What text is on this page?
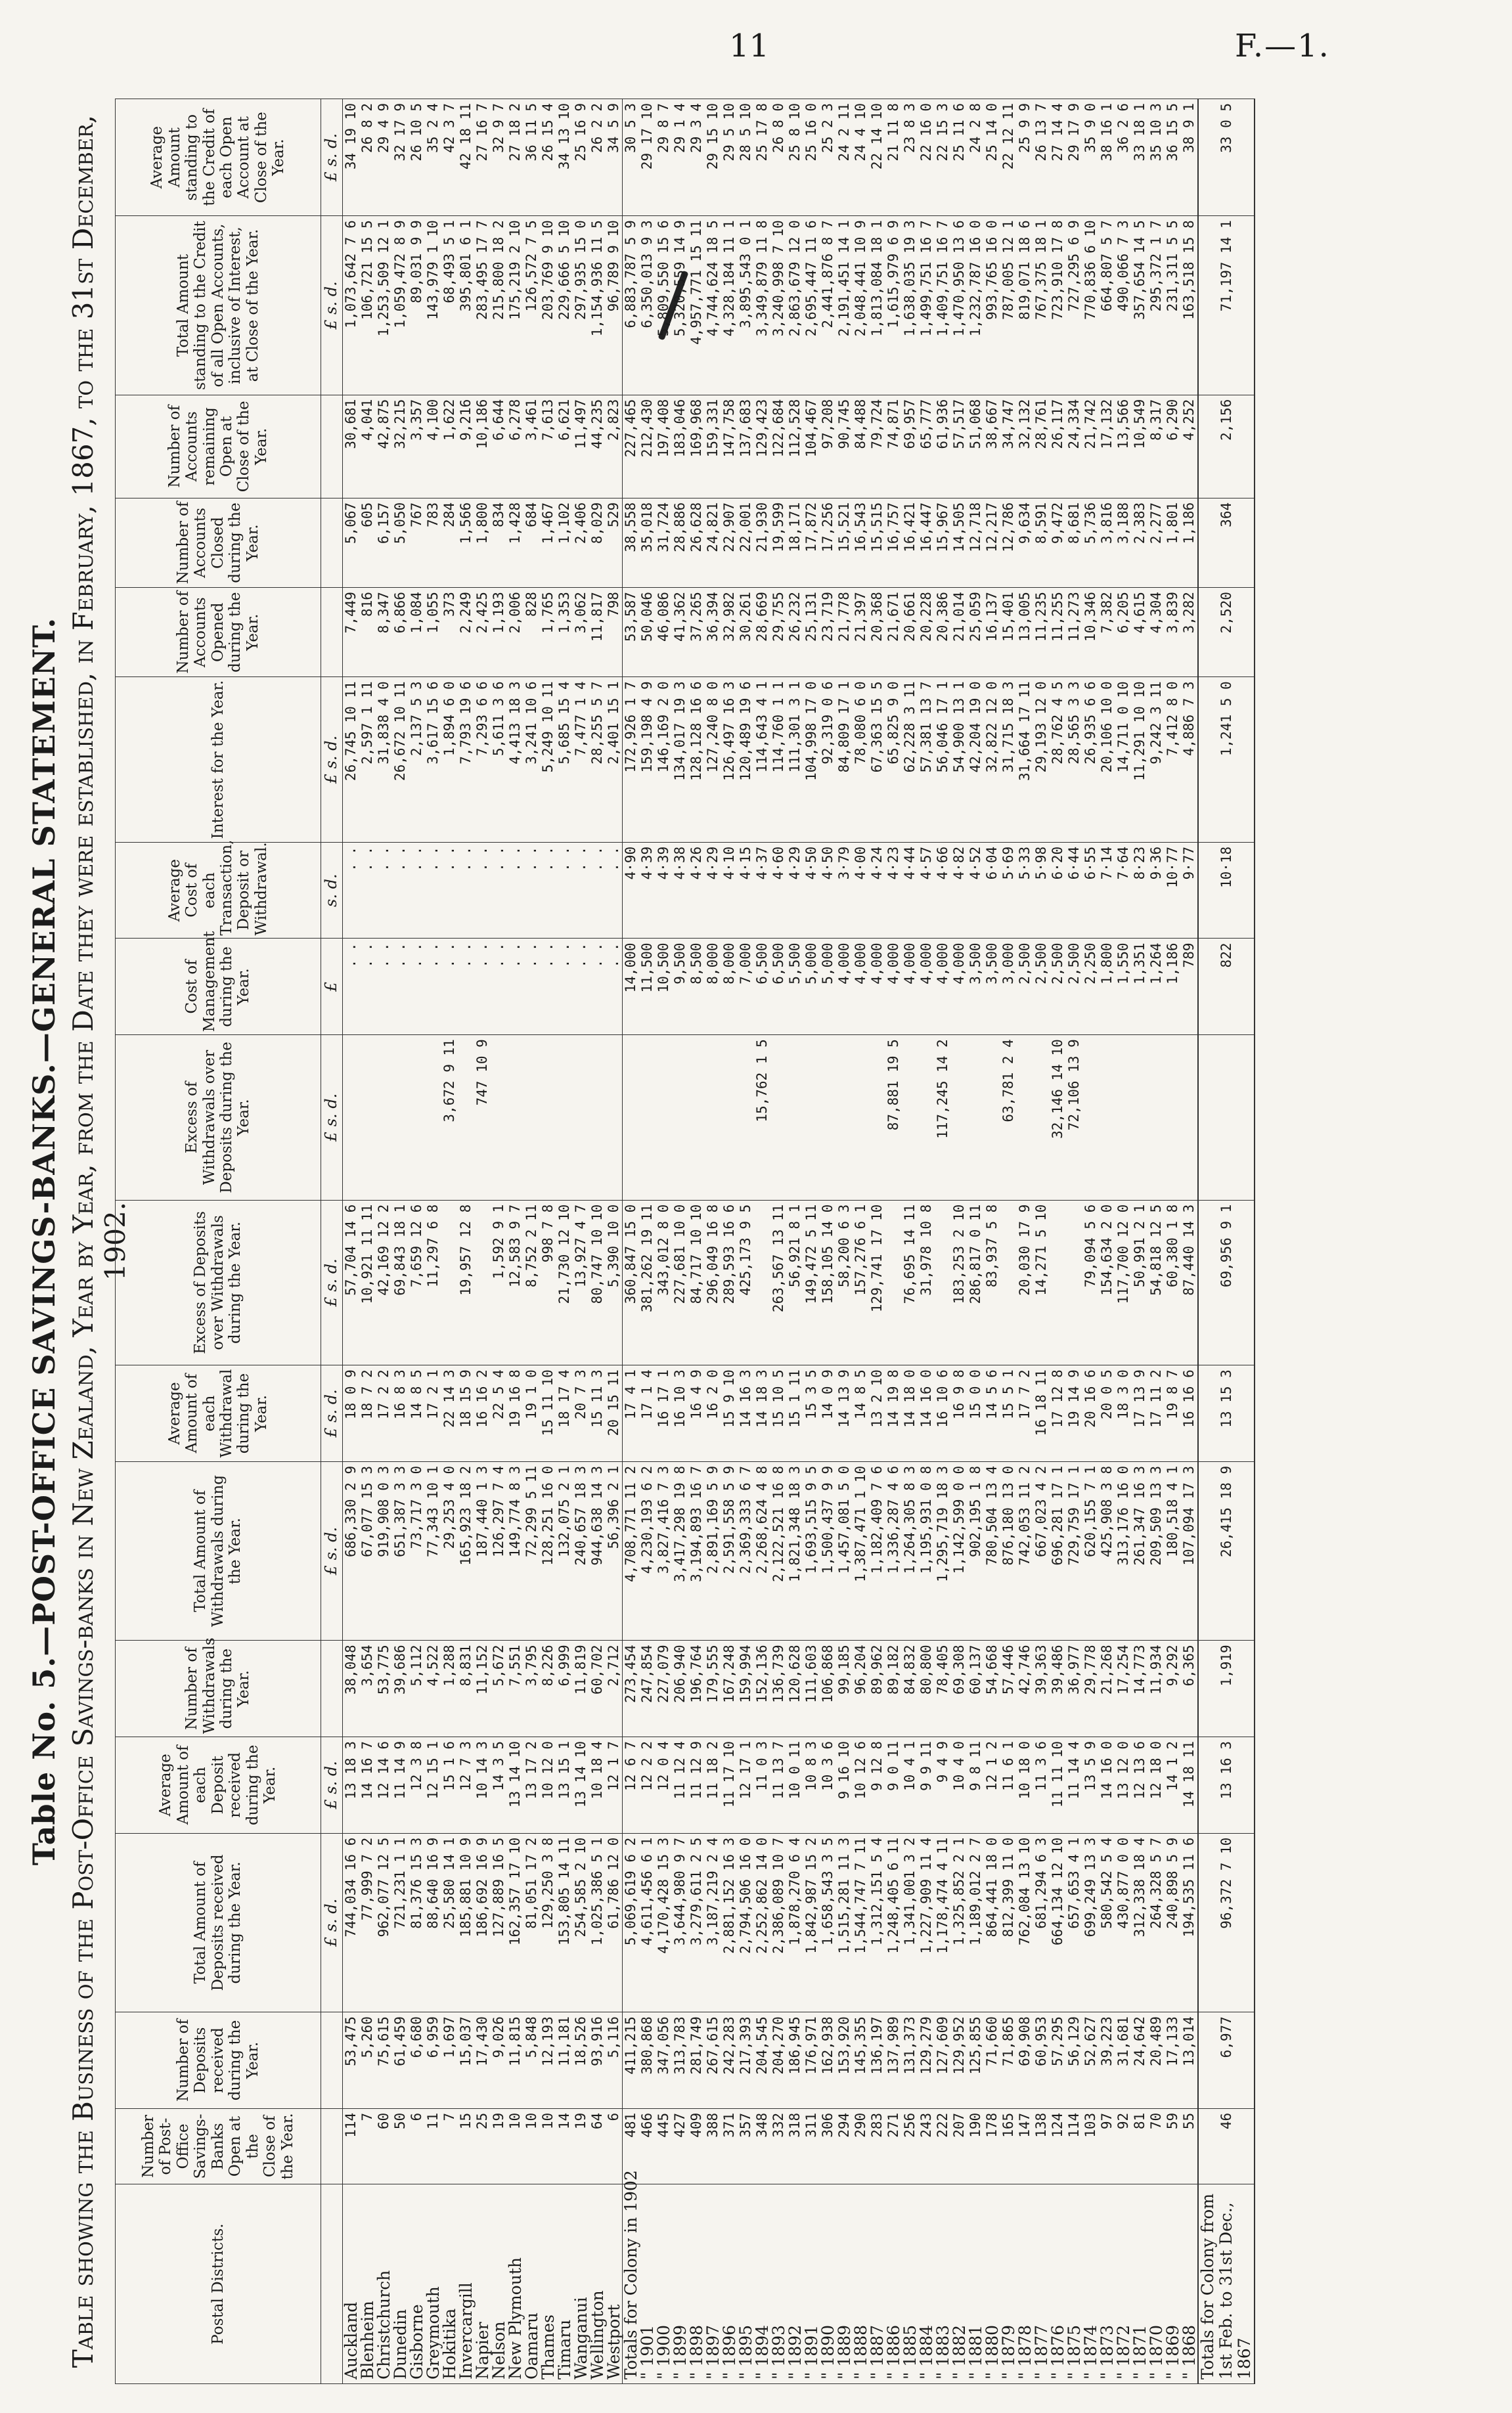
11	F.—1.
Table No. 5.—POST-OFFICE SAVINGS-BANKS.—GENERAL STATEMENT. Table showing the Business of the Post-Office Savings-banks in New Zealand, Year by Year, from the Date they were established, in February, 1867, to the 31st December, 1902.
Postal Districts.	Number of Post-Office Savings-Banks Open at the Close of the Year.	Number of Deposits received during the Year.	Total Amount of Deposits received during the Year.	Average Amount of each Deposit received during the Year.	Number of Withdrawals during the Year.	Total Amount of Withdrawals during the Year.	Average Amount of each Withdrawal during the Year.	Excess of Deposits over Withdrawals during the Year.	Excess of Withdrawals over Deposits during the Year.	Cost of Management during the Year.	Average Cost of each Transaction, Deposit or Withdrawal.	Interest for the Year.	Number of Accounts Opened during the Year.	Number of Accounts Closed during the Year.	Number of Accounts remaining Open at Close of the Year.	Total Amount standing to the Credit of all Open Accounts, inclusive of Interest, at Close of the Year.	Average Amount standing to the Credit of each Open Account at Close of the Year.
			£ s. d.	£ s. d.		£ s. d.	£ s. d.	£ s. d.	£ s. d.	£	s. d.	£ s. d.				£ s. d.	£ s. d.
Auckland	114	53,475	744,034 16 6	13 18 3	38,048	686,330 2 9	18 0 9	57,704 14 6		. .	. .	26,745 10 11	7,449	5,067	30,681	1,073,642 7 6	34 19 10
Blenheim	7	5,260	77,999 7 2	14 16 7	3,654	67,077 15 3	18 7 2	10,921 11 11		. .	. .	2,597 1 11	816	605	4,041	106,721 15 5	26 8 2
Christchurch	60	75,615	962,077 12 5	12 14 6	53,775	919,908 0 3	17 2 2	42,169 12 2		. .	. .	31,838 4 0	8,347	6,157	42,875	1,253,509 12 1	29 4 9
Dunedin	50	61,459	721,231 1 1	11 14 9	39,686	651,387 3 3	16 8 3	69,843 18 1		. .	. .	26,672 10 11	6,866	5,050	32,215	1,059,472 8 9	32 17 9
Gisborne	6	6,680	81,376 15 3	12 3 8	5,112	73,717 3 0	14 8 5	7,659 12 6		. .	. .	2,137 5 3	1,084	767	3,357	89,031 9 9	26 10 5
Greymouth	11	6,959	88,640 16 9	12 15 1	4,522	77,343 10 1	17 2 1	11,297 6 8		. .	. .	3,617 15 6	1,055	783	4,100	143,979 1 10	35 2 4
Hokitika	7	1,697	25,580 14 1	15 1 6	1,288	29,253 4 0	22 14 3		3,672 9 11	. .	. .	1,894 6 0	373	284	1,622	68,493 5 1	42 3 7
Invercargill	15	15,037	185,881 10 9	12 7 3	8,831	165,923 18 2	18 15 9	19,957 12 8		. .	. .	7,793 19 6	2,249	1,566	9,216	395,801 6 1	42 18 11
Napier	25	17,430	186,692 16 9	10 14 3	11,152	187,440 1 3	16 16 2		747 10 9	. .	. .	7,293 6 6	2,425	1,800	10,186	283,495 17 7	27 16 7
Nelson	19	9,026	127,889 16 5	14 3 5	5,672	126,297 7 4	22 5 4	1,592 9 1		. .	. .	5,611 3 6	1,193	834	6,644	215,800 18 2	32 9 7
New Plymouth	10	11,815	162,357 17 10	13 14 10	7,551	149,774 8 3	19 16 8	12,583 9 7		. .	. .	4,413 18 3	2,006	1,428	6,278	175,219 2 10	27 18 2
Oamaru	10	5,848	81,051 17 2	13 17 2	3,795	72,299 5 11	19 1 0	8,752 2 11		. .	. .	3,241 10 6	828	684	3,461	126,572 7 5	36 11 5
Thames	10	12,193	129,250 3 8	10 12 0	8,226	128,251 16 0	15 11 10	998 7 8		. .	. .	5,249 10 11	1,765	1,467	7,613	203,769 9 10	26 15 4
Timaru	14	11,181	153,805 14 11	13 15 1	6,999	132,075 2 1	18 17 4	21,730 12 10		. .	. .	5,685 15 4	1,353	1,102	6,621	229,666 5 10	34 13 10
Wanganui	19	18,526	254,585 2 10	13 14 10	11,819	240,657 18 3	20 7 3	13,927 4 7		. .	. .	7,477 1 4	3,062	2,406	11,497	297,935 15 0	25 16 9
Wellington	64	93,916	1,025,386 5 1	10 18 4	60,702	944,638 14 3	15 11 3	80,747 10 10		. .	. .	28,255 5 7	11,817	8,029	44,235	1,154,936 11 5	26 2 2
Westport	6	5,116	61,786 12 0	12 1 7	2,712	56,396 2 1	20 15 11	5,390 10 0		. .	. .	2,401 15 1	798	529	2,823	96,789 9 10	34 5 9
Totals for Colony in 1902	481	411,215	5,069,619 6 2	12 6 7	273,454	4,708,771 11 2	17 4 1	360,847 15 0		14,000	4·90	172,926 1 7	53,587	38,558	227,465	6,883,787 5 9	30 5 3
" 1901	466	380,868	4,611,456 6 1	12 2 2	247,854	4,230,193 6 2	17 1 4	381,262 19 11		11,500	4·39	159,198 4 9	50,046	35,018	212,430	6,350,013 9 3	29 17 10
" 1900	445	347,056	4,170,428 15 3	12 0 4	227,079	3,827,416 7 3	16 17 1	343,012 8 0		10,500	4·39	146,169 2 0	46,086	31,724	197,408	5,809,550 15 6	29 8 7
" 1899	427	313,783	3,644,980 9 7	11 12 4	206,940	3,417,298 19 8	16 10 3	227,681 10 0		9,500	4·38	134,017 19 3	41,362	28,886	183,046	5,320,559 14 9	29 1 4
" 1898	409	281,749	3,279,611 2 5	11 12 9	196,764	3,194,893 16 7	16 4 9	84,717 10 10		8,500	4·26	128,128 16 6	37,265	26,628	169,968	4,957,771 15 11	29 3 4
" 1897	388	267,615	3,187,219 2 4	11 18 2	179,555	2,891,169 5 9	16 2 0	296,049 16 8		8,000	4·29	127,240 8 0	36,394	24,821	159,331	4,744,624 18 5	29 15 10
" 1896	371	242,283	2,881,152 16 3	11 17 10	167,248	2,591,558 5 9	15 9 10	289,593 16 6		8,000	4·10	126,497 16 3	32,982	22,907	147,758	4,328,184 11 1	29 5 10
" 1895	357	217,393	2,794,506 16 0	12 17 1	159,994	2,369,333 6 7	14 16 3	425,173 9 5		7,000	4·15	120,489 19 6	30,261	22,001	137,683	3,895,543 0 1	28 5 10
" 1894	348	204,545	2,252,862 14 0	11 0 3	152,136	2,268,624 4 8	14 18 3		15,762 1 5	6,500	4·37	114,643 4 1	28,669	21,930	129,423	3,349,879 11 8	25 17 8
" 1893	332	204,270	2,386,089 10 7	11 13 7	136,739	2,122,521 16 8	15 10 5	263,567 13 11		6,500	4·60	114,760 1 1	29,755	19,599	122,684	3,240,998 7 10	26 8 0
" 1892	318	186,945	1,878,270 6 4	10 0 11	120,628	1,821,348 18 3	15 1 11	56,921 8 1		5,500	4·29	111,301 3 1	26,232	18,171	112,528	2,863,679 12 0	25 8 10
" 1891	311	176,971	1,842,987 15 2	10 8 3	111,603	1,693,515 9 5	15 3 5	149,472 5 11		5,000	4·50	104,998 17 0	25,131	17,872	104,467	2,695,447 11 6	25 16 0
" 1890	306	162,938	1,658,543 3 5	10 3 6	106,868	1,500,437 9 9	14 0 9	158,105 14 0		5,000	4·50	92,319 0 6	23,719	17,256	97,208	2,441,876 8 7	25 2 3
" 1889	294	153,920	1,515,281 11 3	9 16 10	99,185	1,457,081 5 0	14 13 9	58,200 6 3		4,000	3·79	84,809 17 1	21,778	15,521	90,745	2,191,451 14 1	24 2 11
" 1888	290	145,355	1,544,747 7 11	10 12 6	96,204	1,387,471 1 10	14 8 5	157,276 6 1		4,000	4·00	78,080 6 0	21,397	16,543	84,488	2,048,441 10 9	24 4 10
" 1887	283	136,197	1,312,151 5 4	9 12 8	89,962	1,182,409 7 6	13 2 10	129,741 17 10		4,000	4·24	67,363 15 5	20,368	15,515	79,724	1,813,084 18 1	22 14 10
" 1886	271	137,989	1,248,405 6 11	9 0 11	89,182	1,336,287 4 6	14 19 8		87,881 19 5	4,000	4·23	65,825 9 0	21,671	16,757	74,871	1,615,979 6 9	21 11 8
" 1885	256	131,373	1,341,001 3 2	10 4 1	84,832	1,264,305 8 3	14 18 0	76,695 14 11		4,000	4·44	62,228 3 11	20,661	16,421	69,957	1,638,035 19 3	23 8 3
" 1884	243	129,279	1,227,909 11 4	9 9 11	80,800	1,195,931 0 8	14 16 0	31,978 10 8		4,000	4·57	57,381 13 7	20,228	16,447	65,777	1,499,751 16 7	22 16 0
" 1883	222	127,609	1,178,474 4 11	9 4 9	78,405	1,295,719 18 3	16 10 6		117,245 14 2	4,000	4·66	56,046 17 1	20,386	15,967	61,936	1,409,751 16 7	22 15 3
" 1882	207	129,952	1,325,852 2 1	10 4 0	69,308	1,142,599 0 0	16 9 8	183,253 2 10		4,000	4·82	54,900 13 1	21,014	14,505	57,517	1,470,950 13 6	25 11 6
" 1881	190	125,855	1,189,012 2 7	9 8 11	60,137	902,195 1 8	15 0 0	286,817 0 11		3,500	4·52	42,204 19 0	25,059	12,718	51,068	1,232,787 16 0	24 2 8
" 1880	178	71,660	864,441 18 0	12 1 2	54,668	780,504 13 4	14 5 6	83,937 5 8		3,500	6·04	32,822 12 0	16,137	12,217	38,667	993,765 16 0	25 14 0
" 1879	165	71,865	812,399 11 0	11 6 1	57,446	876,180 13 0	15 5 1		63,781 2 4	3,000	5·69	31,715 18 3	15,401	12,786	34,747	787,005 12 1	22 12 11
" 1878	147	69,908	762,084 13 10	10 18 0	42,746	742,053 11 2	17 7 2	20,030 17 9		2,500	5·33	31,664 17 11	13,005	9,634	32,132	819,071 18 6	25 9 9
" 1877	138	60,953	681,294 6 3	11 3 6	39,363	667,023 4 2	16 18 11	14,271 5 10		2,500	5·98	29,193 12 0	11,235	8,591	28,761	767,375 18 1	26 13 7
" 1876	124	57,295	664,134 12 10	11 11 10	39,486	696,281 17 1	17 12 8		32,146 14 10	2,500	6·20	28,762 4 5	11,255	9,472	26,117	723,910 17 8	27 14 4
" 1875	114	56,129	657,653 4 1	11 14 4	36,977	729,759 17 1	19 14 9		72,106 13 9	2,500	6·44	28,565 3 3	11,273	8,681	24,334	727,295 6 9	29 17 9
" 1874	103	52,627	699,249 13 3	13 5 9	29,778	620,155 7 1	20 16 6	79,094 5 6		2,250	6·55	26,935 6 6	10,346	5,736	21,742	770,836 6 10	35 9 0
" 1873	97	39,223	580,542 5 4	14 16 0	21,268	425,908 3 8	20 0 5	154,634 2 0		1,800	7·14	20,106 10 0	7,382	3,816	17,132	664,807 5 7	38 16 1
" 1872	92	31,681	430,877 0 0	13 12 0	17,254	313,176 16 0	18 3 0	117,700 12 0		1,550	7·64	14,711 0 10	6,205	3,188	13,566	490,066 7 3	36 2 6
" 1871	81	24,642	312,338 18 4	12 13 6	14,773	261,347 16 3	17 13 9	50,991 2 1		1,351	8·23	11,291 10 10	4,615	2,383	10,549	357,654 14 5	33 18 1
" 1870	70	20,489	264,328 5 7	12 18 0	11,934	209,509 13 3	17 11 2	54,818 12 5		1,264	9·36	9,242 3 11	4,304	2,277	8,317	295,372 1 7	35 10 3
" 1869	59	17,133	240,898 5 9	14 1 2	9,292	180,518 4 1	19 8 7	60,380 1 8		1,186	10·77	7,412 8 0	3,839	1,801	6,290	231,311 5 5	36 15 5
" 1868	55	13,014	194,535 11 6	14 18 11	6,365	107,094 17 3	16 16 6	87,440 14 3		789	9·77	4,886 7 3	3,282	1,186	4,252	163,518 15 8	38 9 1
Totals for Colony from 1st Feb. to 31st Dec., 1867	46	6,977	96,372 7 10	13 16 3	1,919	26,415 18 9	13 15 3	69,956 9 1		822	10·18	1,241 5 0	2,520	364	2,156	71,197 14 1	33 0 5
